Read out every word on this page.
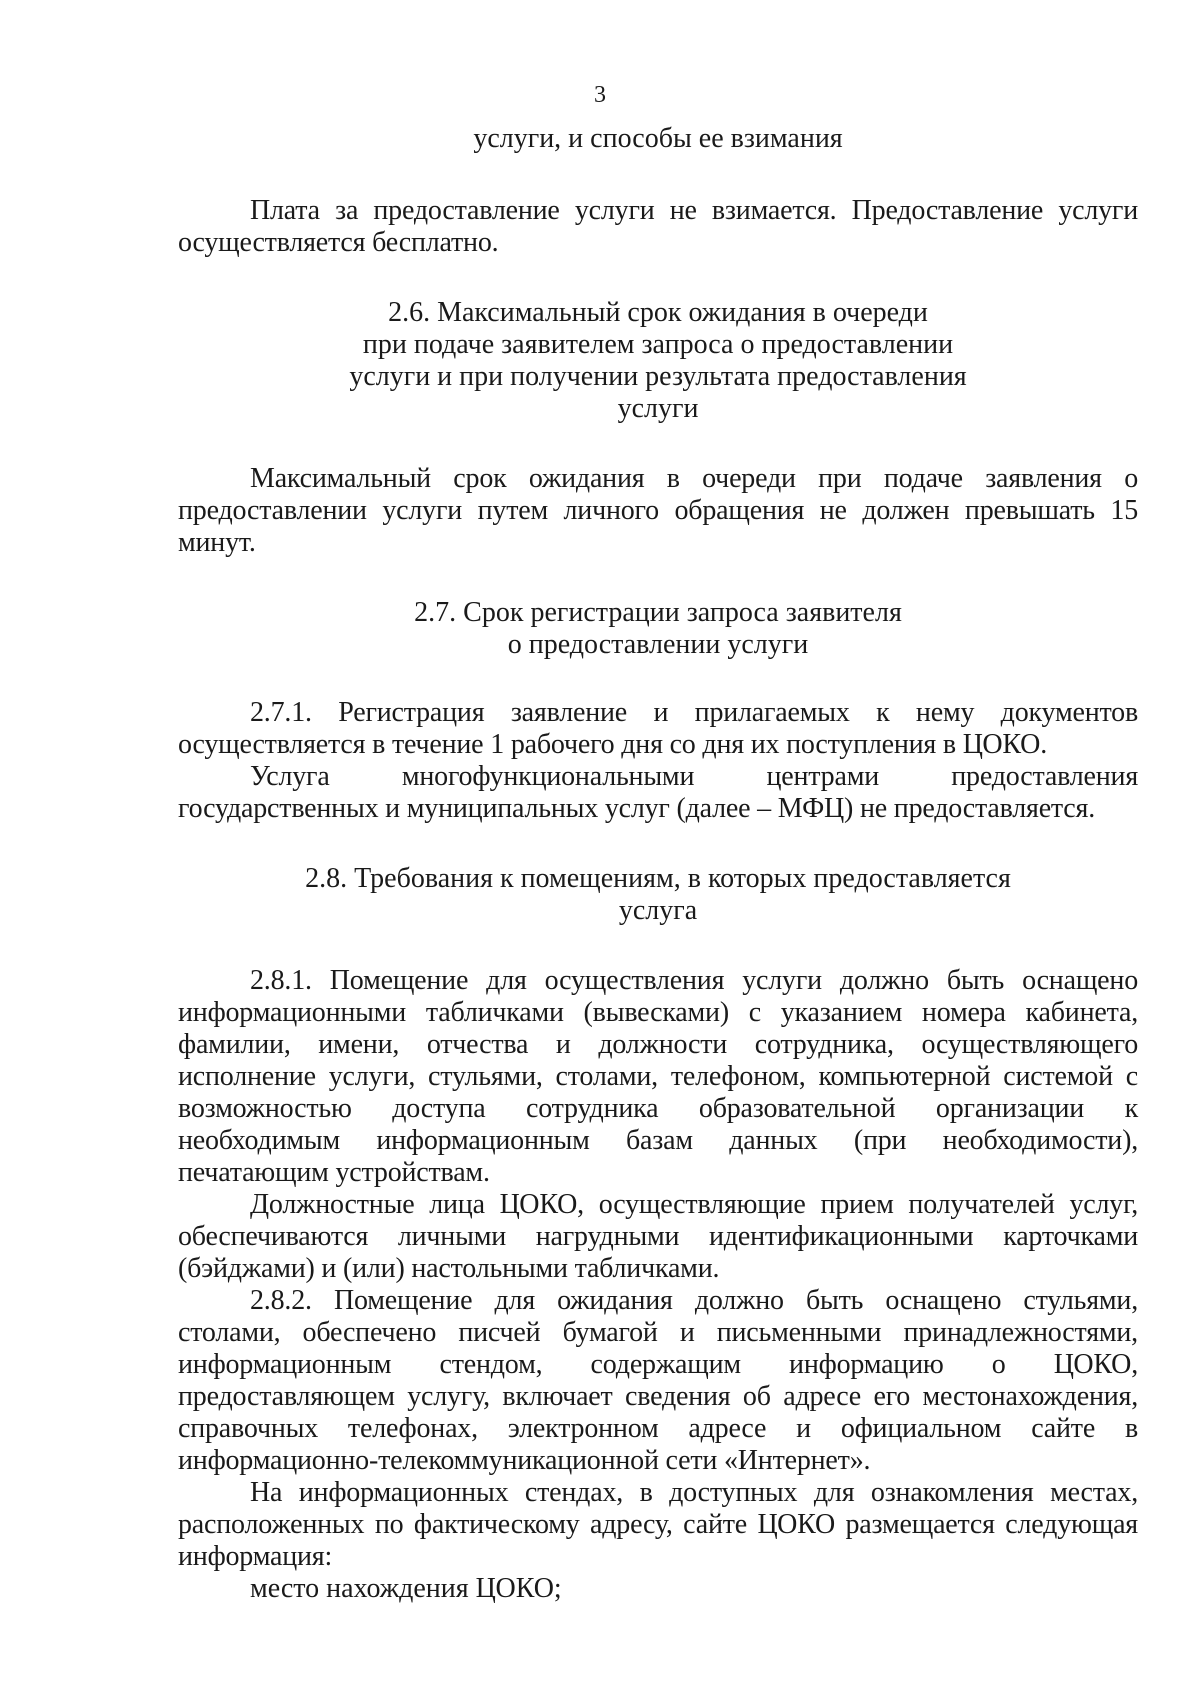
3

услуги, и способы ее взимания

Плата за предоставление услуги не взимается. Предоставление услуги осуществляется бесплатно.

2.6. Максимальный срок ожидания в очереди

при подаче заявителем запроса о предоставлении

услуги и при получении результата предоставления

услуги

Максимальный срок ожидания в очереди при подаче заявления о предоставлении услуги путем личного обращения не должен превышать 15 минут.

2.7. Срок регистрации запроса заявителя

о предоставлении услуги

2.7.1. Регистрация заявление и прилагаемых к нему документов осуществляется в течение 1 рабочего дня со дня их поступления в ЦОКО.

Услуга многофункциональными центрами предоставления государственных и муниципальных услуг (далее – МФЦ) не предоставляется.

2.8. Требования к помещениям, в которых предоставляется

услуга

2.8.1. Помещение для осуществления услуги должно быть оснащено информационными табличками (вывесками) с указанием номера кабинета, фамилии, имени, отчества и должности сотрудника, осуществляющего исполнение услуги, стульями, столами, телефоном, компьютерной системой с возможностью доступа сотрудника образовательной организации к необходимым информационным базам данных (при необходимости), печатающим устройствам.

Должностные лица ЦОКО, осуществляющие прием получателей услуг, обеспечиваются личными нагрудными идентификационными карточками (бэйджами) и (или) настольными табличками.

2.8.2. Помещение для ожидания должно быть оснащено стульями, столами, обеспечено писчей бумагой и письменными принадлежностями, информационным стендом, содержащим информацию о ЦОКО, предоставляющем услугу, включает сведения об адресе его местонахождения, справочных телефонах, электронном адресе и официальном сайте в информационно-телекоммуникационной сети «Интернет».

На информационных стендах, в доступных для ознакомления местах, расположенных по фактическому адресу, сайте ЦОКО размещается следующая информация:

место нахождения ЦОКО;
